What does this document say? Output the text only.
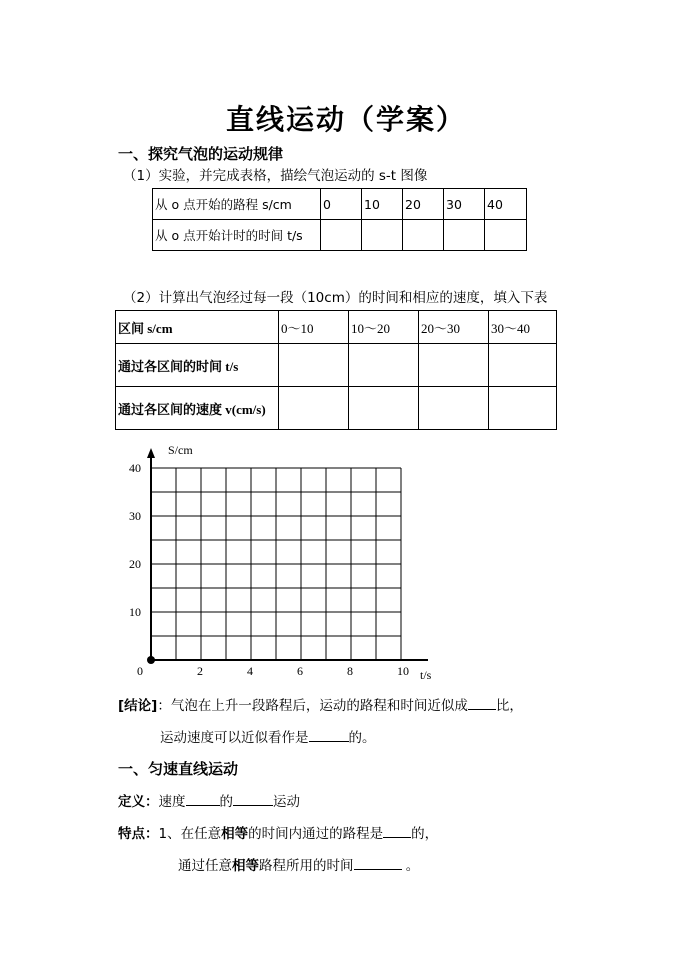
直线运动（学案）
一、探究气泡的运动规律
（1）实验，并完成表格，描绘气泡运动的 s-t 图像
从 o 点开始的路程 s/cm	0	10	20	30	40
从 o 点开始计时的时间 t/s					
（2）计算出气泡经过每一段（10cm）的时间和相应的速度，填入下表
区间 s/cm	0～10	10～20	20～30	30～40
通过各区间的时间 t/s				
通过各区间的速度 v(cm/s)				
0	2	4	6	8	10
10
20
30
40
S/cm
t/s
[结论]：气泡在上升一段路程后，运动的路程和时间近似成 比，
运动速度可以近似看作是	的。
一、匀速直线运动
定义：速度	的	运动
特点：1、在任意相等的时间内通过的路程是 的，
通过任意相等路程所用的时间	。
